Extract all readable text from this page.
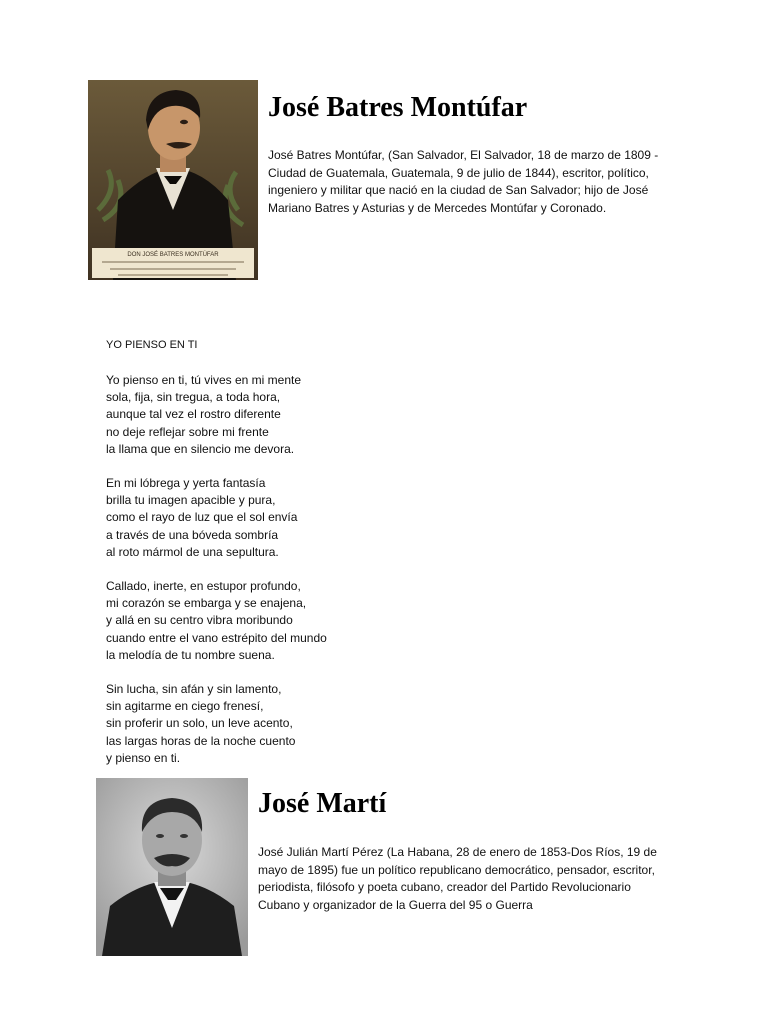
DON JOSÉ BATRES MONTÚFAR
José Batres Montúfar
José Batres Montúfar, (San Salvador, El Salvador, 18 de marzo de 1809 - Ciudad de Guatemala, Guatemala, 9 de julio de 1844), escritor, político, ingeniero y militar que nació en la ciudad de San Salvador; hijo de José Mariano Batres y Asturias y de Mercedes Montúfar y Coronado.
YO PIENSO EN TI
Yo pienso en ti, tú vives en mi mente
sola, fija, sin tregua, a toda hora,
aunque tal vez el rostro diferente
no deje reflejar sobre mi frente
la llama que en silencio me devora.
En mi lóbrega y yerta fantasía
brilla tu imagen apacible y pura,
como el rayo de luz que el sol envía
a través de una bóveda sombría
al roto mármol de una sepultura.
Callado, inerte, en estupor profundo,
mi corazón se embarga y se enajena,
y allá en su centro vibra moribundo
cuando entre el vano estrépito del mundo
la melodía de tu nombre suena.
Sin lucha, sin afán y sin lamento,
sin agitarme en ciego frenesí,
sin proferir un solo, un leve acento,
las largas horas de la noche cuento
y pienso en ti.
José Martí
José Julián Martí Pérez (La Habana, 28 de enero de 1853-Dos Ríos, 19 de mayo de 1895) fue un político republicano democrático, pensador, escritor, periodista, filósofo y poeta cubano, creador del Partido Revolucionario Cubano y organizador de la Guerra del 95 o Guerra
